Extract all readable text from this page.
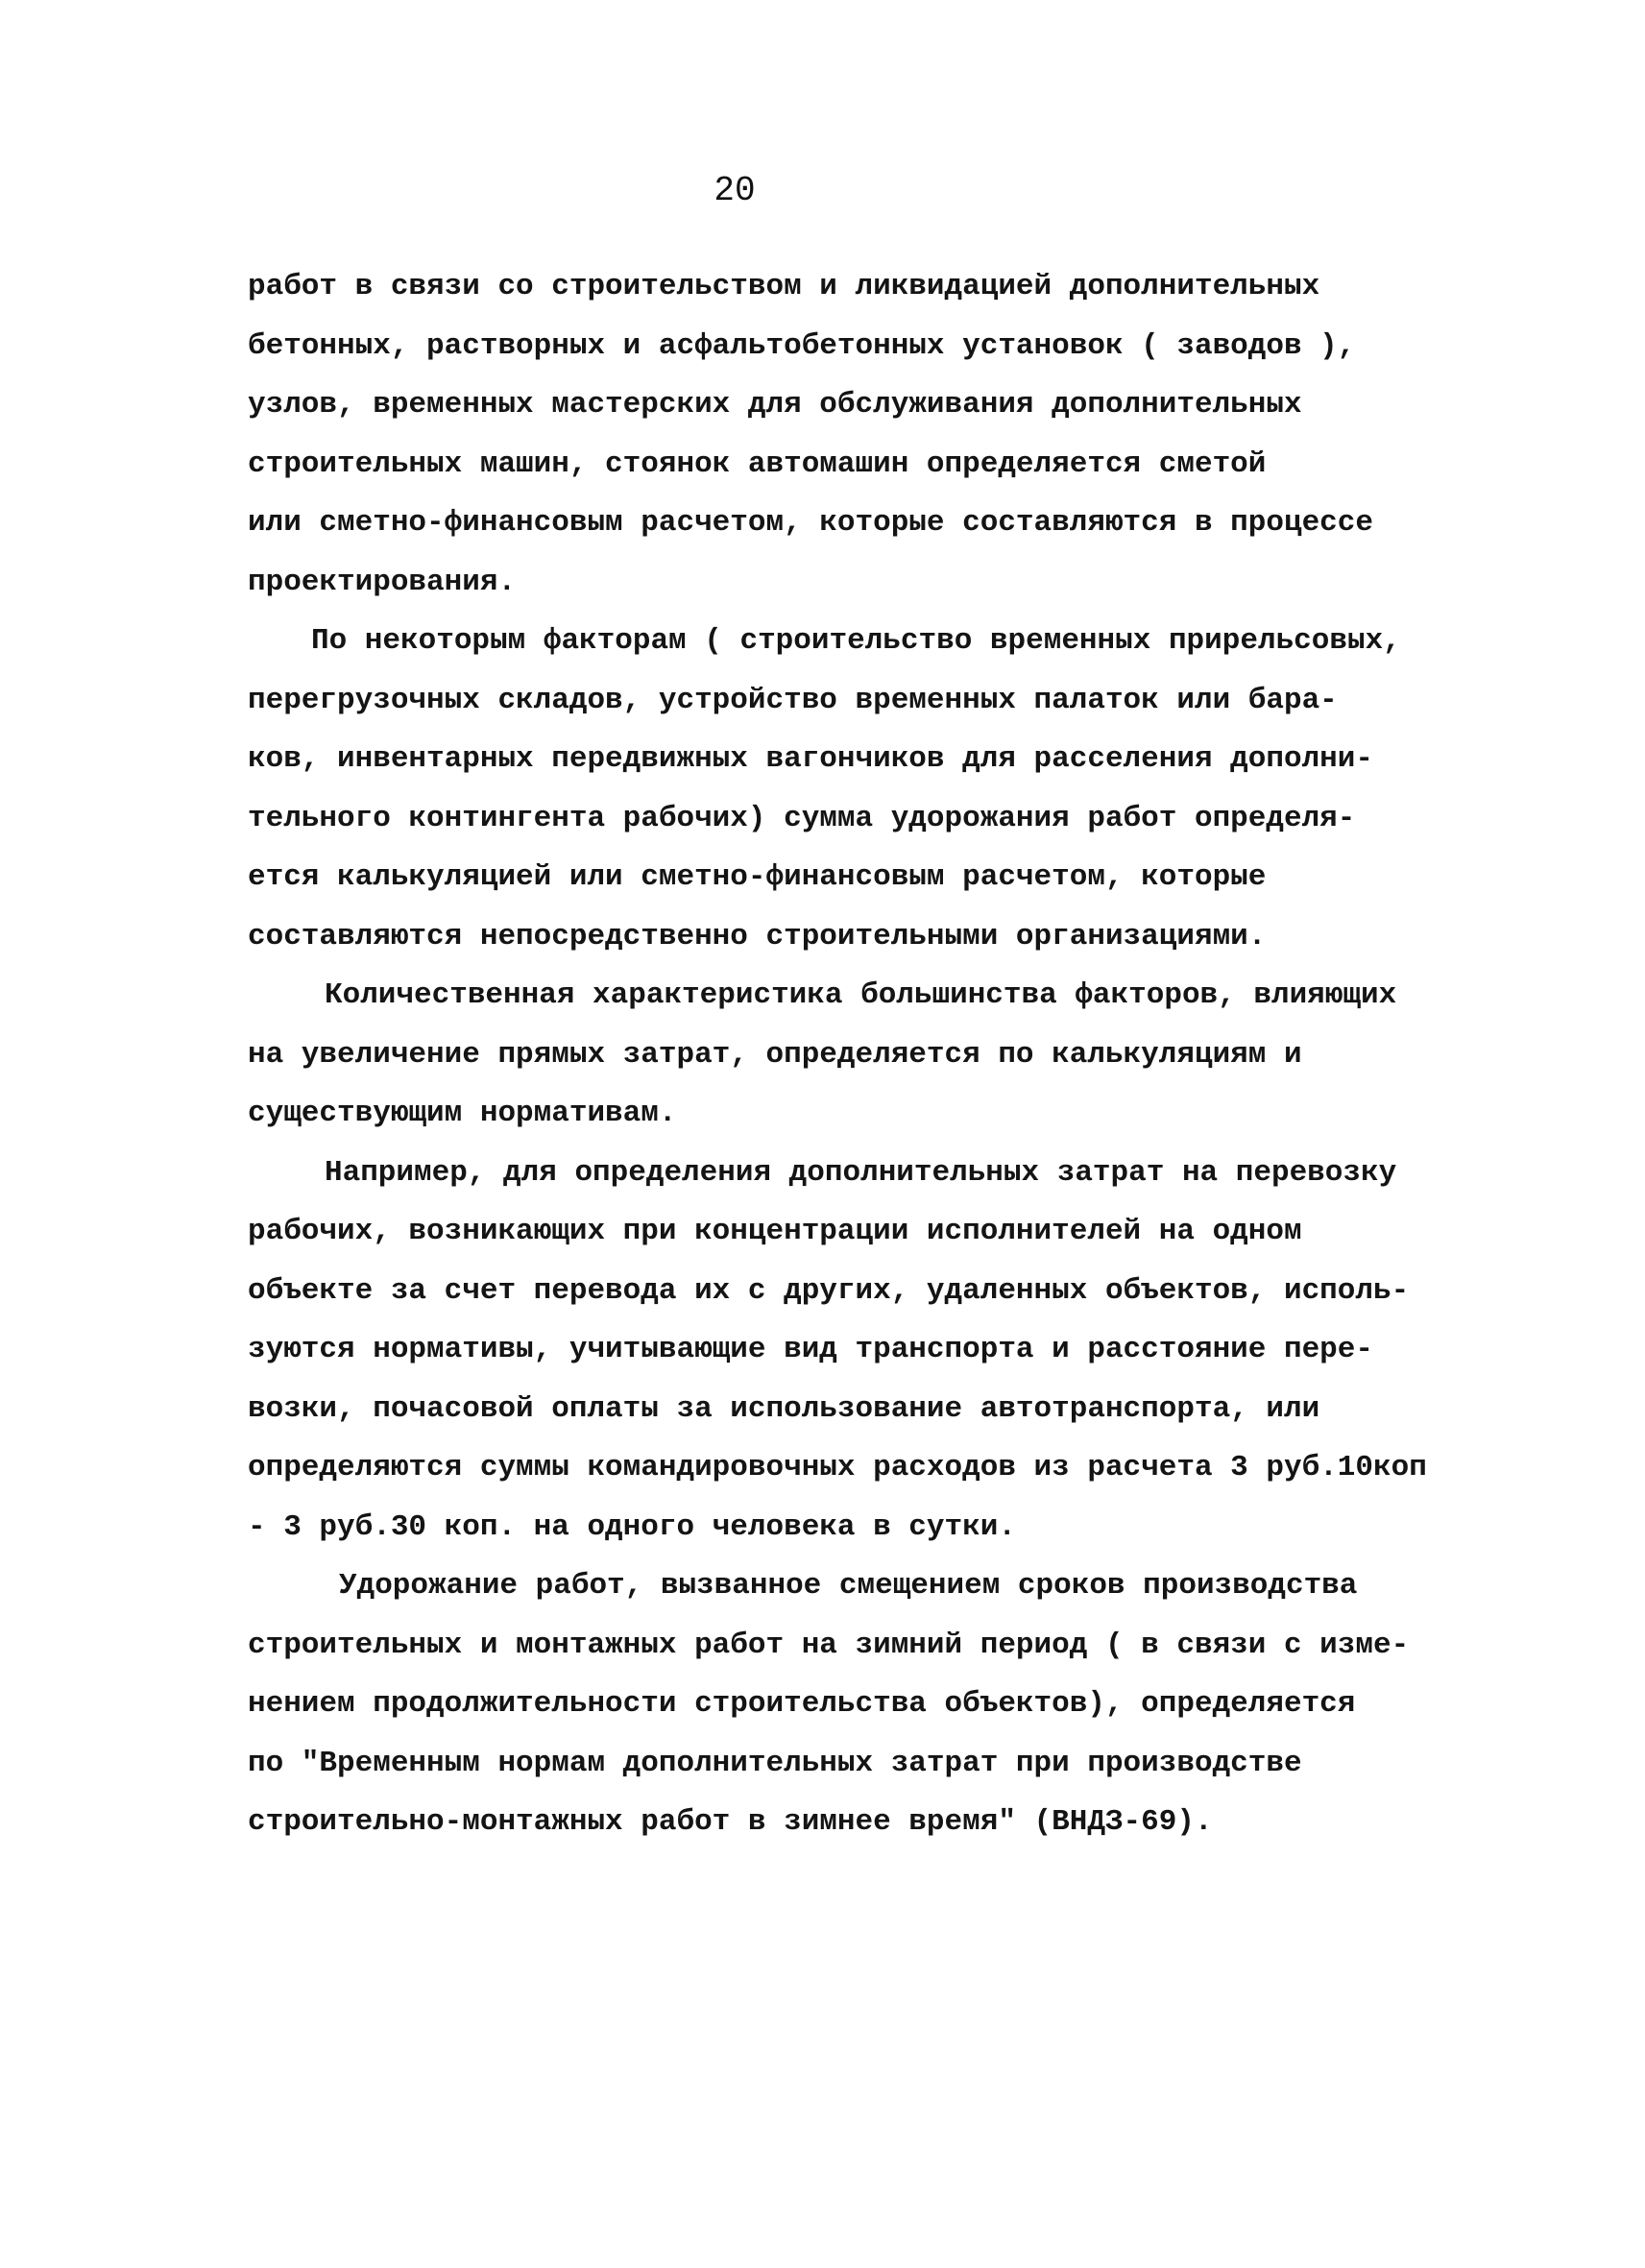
20
работ в связи со строительством и ликвидацией дополнительных
бетонных, растворных и асфальтобетонных установок ( заводов ),
узлов, временных мастерских для обслуживания дополнительных
строительных машин, стоянок автомашин определяется сметой
или сметно-финансовым расчетом, которые составляются в процессе
проектирования.
По некоторым факторам ( строительство временных прирельсовых,
перегрузочных складов, устройство временных палаток или бара-
ков, инвентарных передвижных вагончиков для расселения дополни-
тельного контингента рабочих) сумма удорожания работ определя-
ется калькуляцией или сметно-финансовым расчетом, которые
составляются непосредственно строительными организациями.
Количественная характеристика большинства факторов, влияющих
на увеличение прямых затрат, определяется по калькуляциям и
существующим нормативам.
Например, для определения дополнительных затрат на перевозку
рабочих, возникающих при концентрации исполнителей на одном
объекте за счет перевода их с других, удаленных объектов, исполь-
зуются нормативы, учитывающие вид транспорта и расстояние пере-
возки, почасовой оплаты за использование автотранспорта, или
определяются суммы командировочных расходов из расчета 3 руб.10коп
- 3 руб.30 коп. на одного человека в сутки.
Удорожание работ, вызванное смещением сроков производства
строительных и монтажных работ на зимний период ( в связи с изме-
нением продолжительности строительства объектов), определяется
по "Временным нормам дополнительных затрат при производстве
строительно-монтажных работ в зимнее время" (ВНДЗ-69).
